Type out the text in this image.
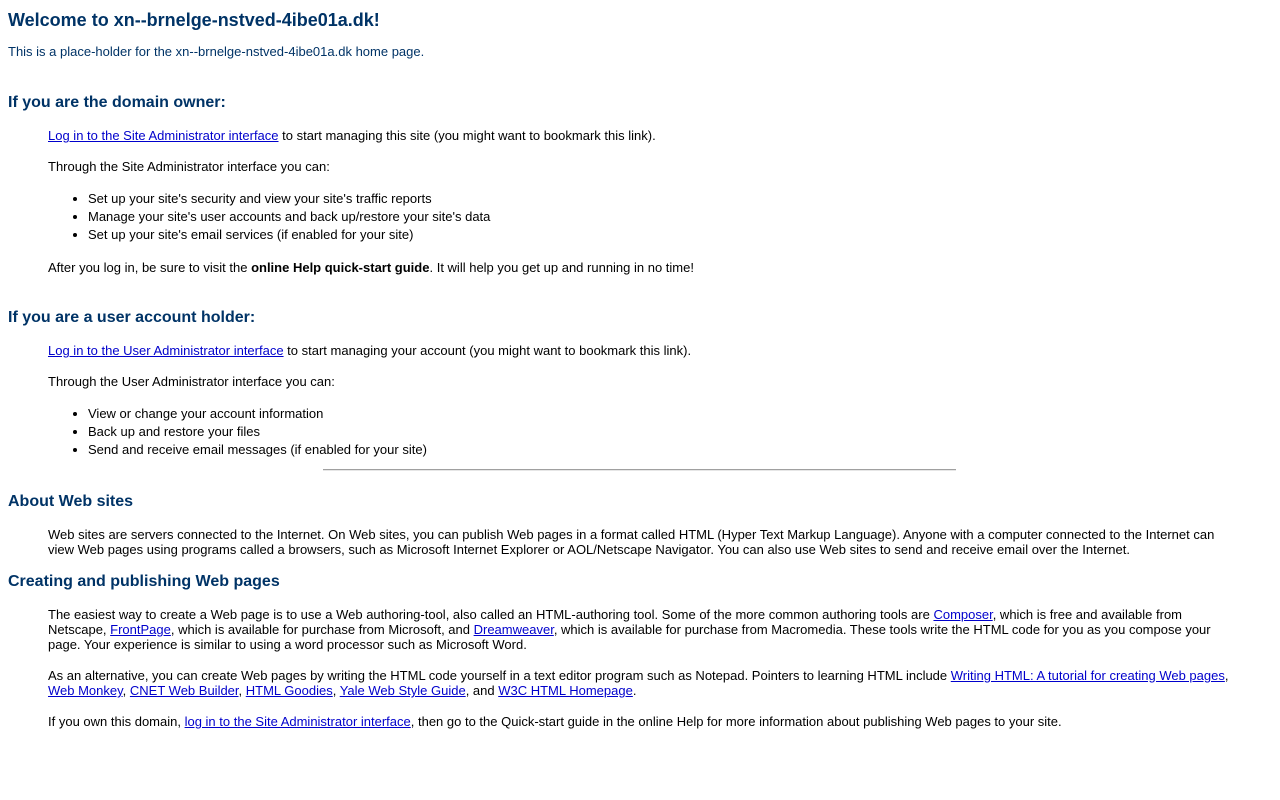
Welcome to xn--brnelge-nstved-4ibe01a.dk!

This is a place-holder for the xn--brnelge-nstved-4ibe01a.dk home page.

If you are the domain owner:
Log in to the Site Administrator interface to start managing this site (you might want to bookmark this link).
Through the Site Administrator interface you can:
• Set up your site's security and view your site's traffic reports
• Manage your site's user accounts and back up/restore your site's data
• Set up your site's email services (if enabled for your site)
After you log in, be sure to visit the online Help quick-start guide. It will help you get up and running in no time!
If you are a user account holder:
Log in to the User Administrator interface to start managing your account (you might want to bookmark this link).
Through the User Administrator interface you can:
• View or change your account information
• Back up and restore your files
• Send and receive email messages (if enabled for your site)
About Web sites
Web sites are servers connected to the Internet. On Web sites, you can publish Web pages in a format called HTML (Hyper Text Markup Language). Anyone with a computer connected to the Internet can view Web pages using programs called a browsers, such as Microsoft Internet Explorer or AOL/Netscape Navigator. You can also use Web sites to send and receive email over the Internet.
Creating and publishing Web pages
The easiest way to create a Web page is to use a Web authoring-tool, also called an HTML-authoring tool. Some of the more common authoring tools are Composer, which is free and available from Netscape, FrontPage, which is available for purchase from Microsoft, and Dreamweaver, which is available for purchase from Macromedia. These tools write the HTML code for you as you compose your page. Your experience is similar to using a word processor such as Microsoft Word.
As an alternative, you can create Web pages by writing the HTML code yourself in a text editor program such as Notepad. Pointers to learning HTML include Writing HTML: A tutorial for creating Web pages, Web Monkey, CNET Web Builder, HTML Goodies, Yale Web Style Guide, and W3C HTML Homepage.
If you own this domain, log in to the Site Administrator interface, then go to the Quick-start guide in the online Help for more information about publishing Web pages to your site.
